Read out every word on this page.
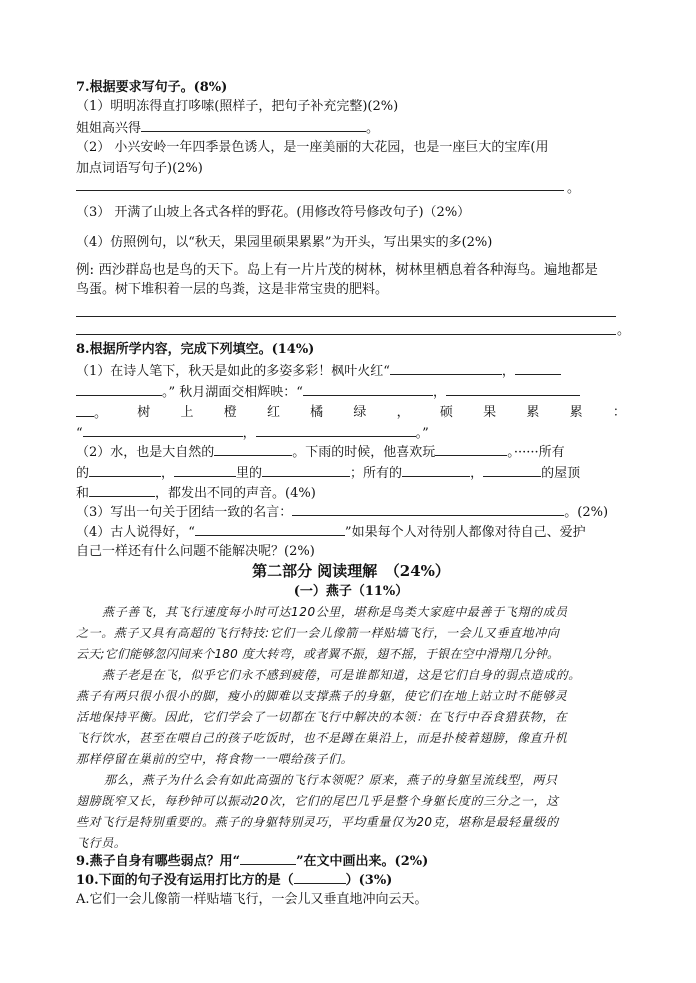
7.根据要求写句子。(8%)
（1）明明冻得直打哆嗦(照样子，把句子补充完整)(2%)
姐姐高兴得	。
（2） 小兴安岭一年四季景色诱人，是一座美丽的大花园，也是一座巨大的宝库(用
加点词语写句子)(2%)
。
（3） 开满了山坡上各式各样的野花。(用修改符号修改句子)（2%）
（4）仿照例句，以“秋天，果园里硕果累累”为开头，写出果实的多(2%)
例: 西沙群岛也是鸟的天下。岛上有一片片茂的树林，树林里栖息着各种海鸟。遍地都是
鸟蛋。树下堆积着一层的鸟粪，这是非常宝贵的肥料。
。
8.根据所学内容，完成下列填空。(14%)
（1）在诗人笔下，秋天是如此的多姿多彩！枫叶火红“	，
。” 秋月湖面交相辉映：“	，
。 树 上 橙 红 橘 绿 ， 硕 果 累 累 ：
“	，	。”
（2）水，也是大自然的	。下雨的时候，他喜欢玩	。······所有
的	，	里的	；所有的	，	的屋顶
和	，都发出不同的声音。(4%)
（3）写出一句关于团结一致的名言：	。(2%)
（4）古人说得好，“	”如果每个人对待别人都像对待自己、爱护
自己一样还有什么问题不能解决呢？(2%)
第二部分 阅读理解　（24%）
(一）燕子（11%）
燕子善飞，其飞行速度每小时可达120公里，堪称是鸟类大家庭中最善于飞翔的成员
之一。燕子又具有高超的飞行特技:它们一会儿像箭一样贴墙飞行，一会儿又垂直地冲向
云天;它们能够忽闪间来个180 度大转弯，或者翼不振，翅不摇，于银在空中滑翔几分钟。
燕子老是在飞，似乎它们永不感到疲倦，可是谁都知道，这是它们自身的弱点造成的。
燕子有两只很小很小的脚，瘦小的脚难以支撑燕子的身躯，使它们在地上站立时不能够灵
活地保持平衡。因此，它们学会了一切都在飞行中解决的本领：在飞行中吞食猎获物，在
飞行饮水，甚至在喂自己的孩子吃饭时，也不是蹲在巢沿上，而是扑棱着翅膀，像直升机
那样停留在巢前的空中，将食物一一喂给孩子们。
那么，燕子为什么会有如此高强的飞行本领呢？原来，燕子的身躯呈流线型，两只
翅膀既窄又长，每秒钟可以振动20次，它们的尾巴几乎是整个身躯长度的三分之一，这
些对飞行是特别重要的。燕子的身躯特别灵巧，平均重量仅为20克，堪称是最轻量级的
飞行员。
9.燕子自身有哪些弱点？用“	”在文中画出来。(2%)
10.下面的句子没有运用打比方的是（	）(3%)
A.它们一会儿像箭一样贴墙飞行，一会儿又垂直地冲向云天。
